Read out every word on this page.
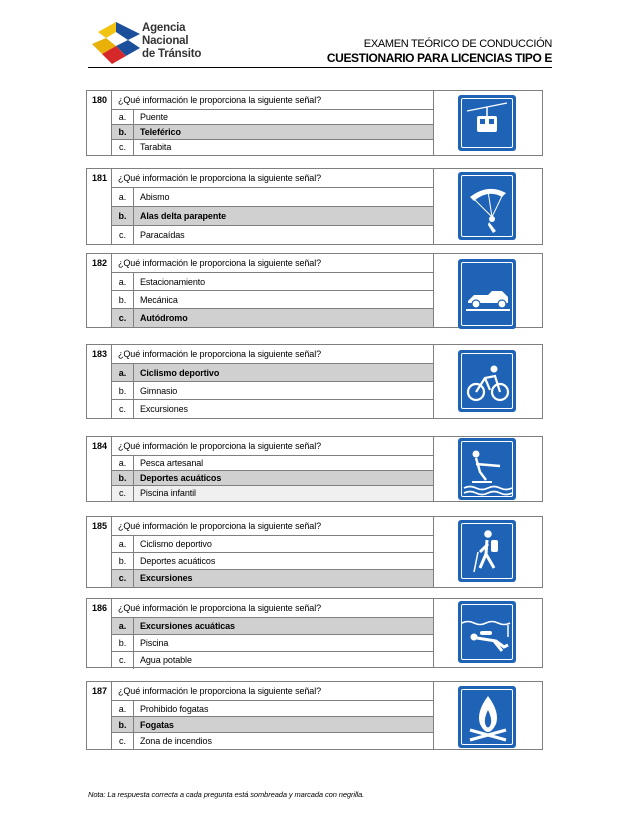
Agencia
Nacional
de Tránsito
EXAMEN TEÓRICO DE CONDUCCIÓN
CUESTIONARIO PARA LICENCIAS TIPO E
180	¿Qué información le proporciona la siguiente señal?
a.	Puente
b.	Teleférico
c.	Tarabita
181	¿Qué información le proporciona la siguiente señal?
a.	Abismo
b.	Alas delta parapente
c.	Paracaídas
182	¿Qué información le proporciona la siguiente señal?
a.	Estacionamiento
b.	Mecánica
c.	Autódromo
183	¿Qué información le proporciona la siguiente señal?
a.	Ciclismo deportivo
b.	Gimnasio
c.	Excursiones
184	¿Qué información le proporciona la siguiente señal?
a.	Pesca artesanal
b.	Deportes acuáticos
c.	Piscina infantil
185	¿Qué información le proporciona la siguiente señal?
a.	Ciclismo deportivo
b.	Deportes acuáticos
c.	Excursiones
186	¿Qué información le proporciona la siguiente señal?
a.	Excursiones acuáticas
b.	Piscina
c.	Agua potable
187	¿Qué información le proporciona la siguiente señal?
a.	Prohibido fogatas
b.	Fogatas
c.	Zona de incendios
Nota: La respuesta correcta a cada pregunta está sombreada y marcada con negrilla.
